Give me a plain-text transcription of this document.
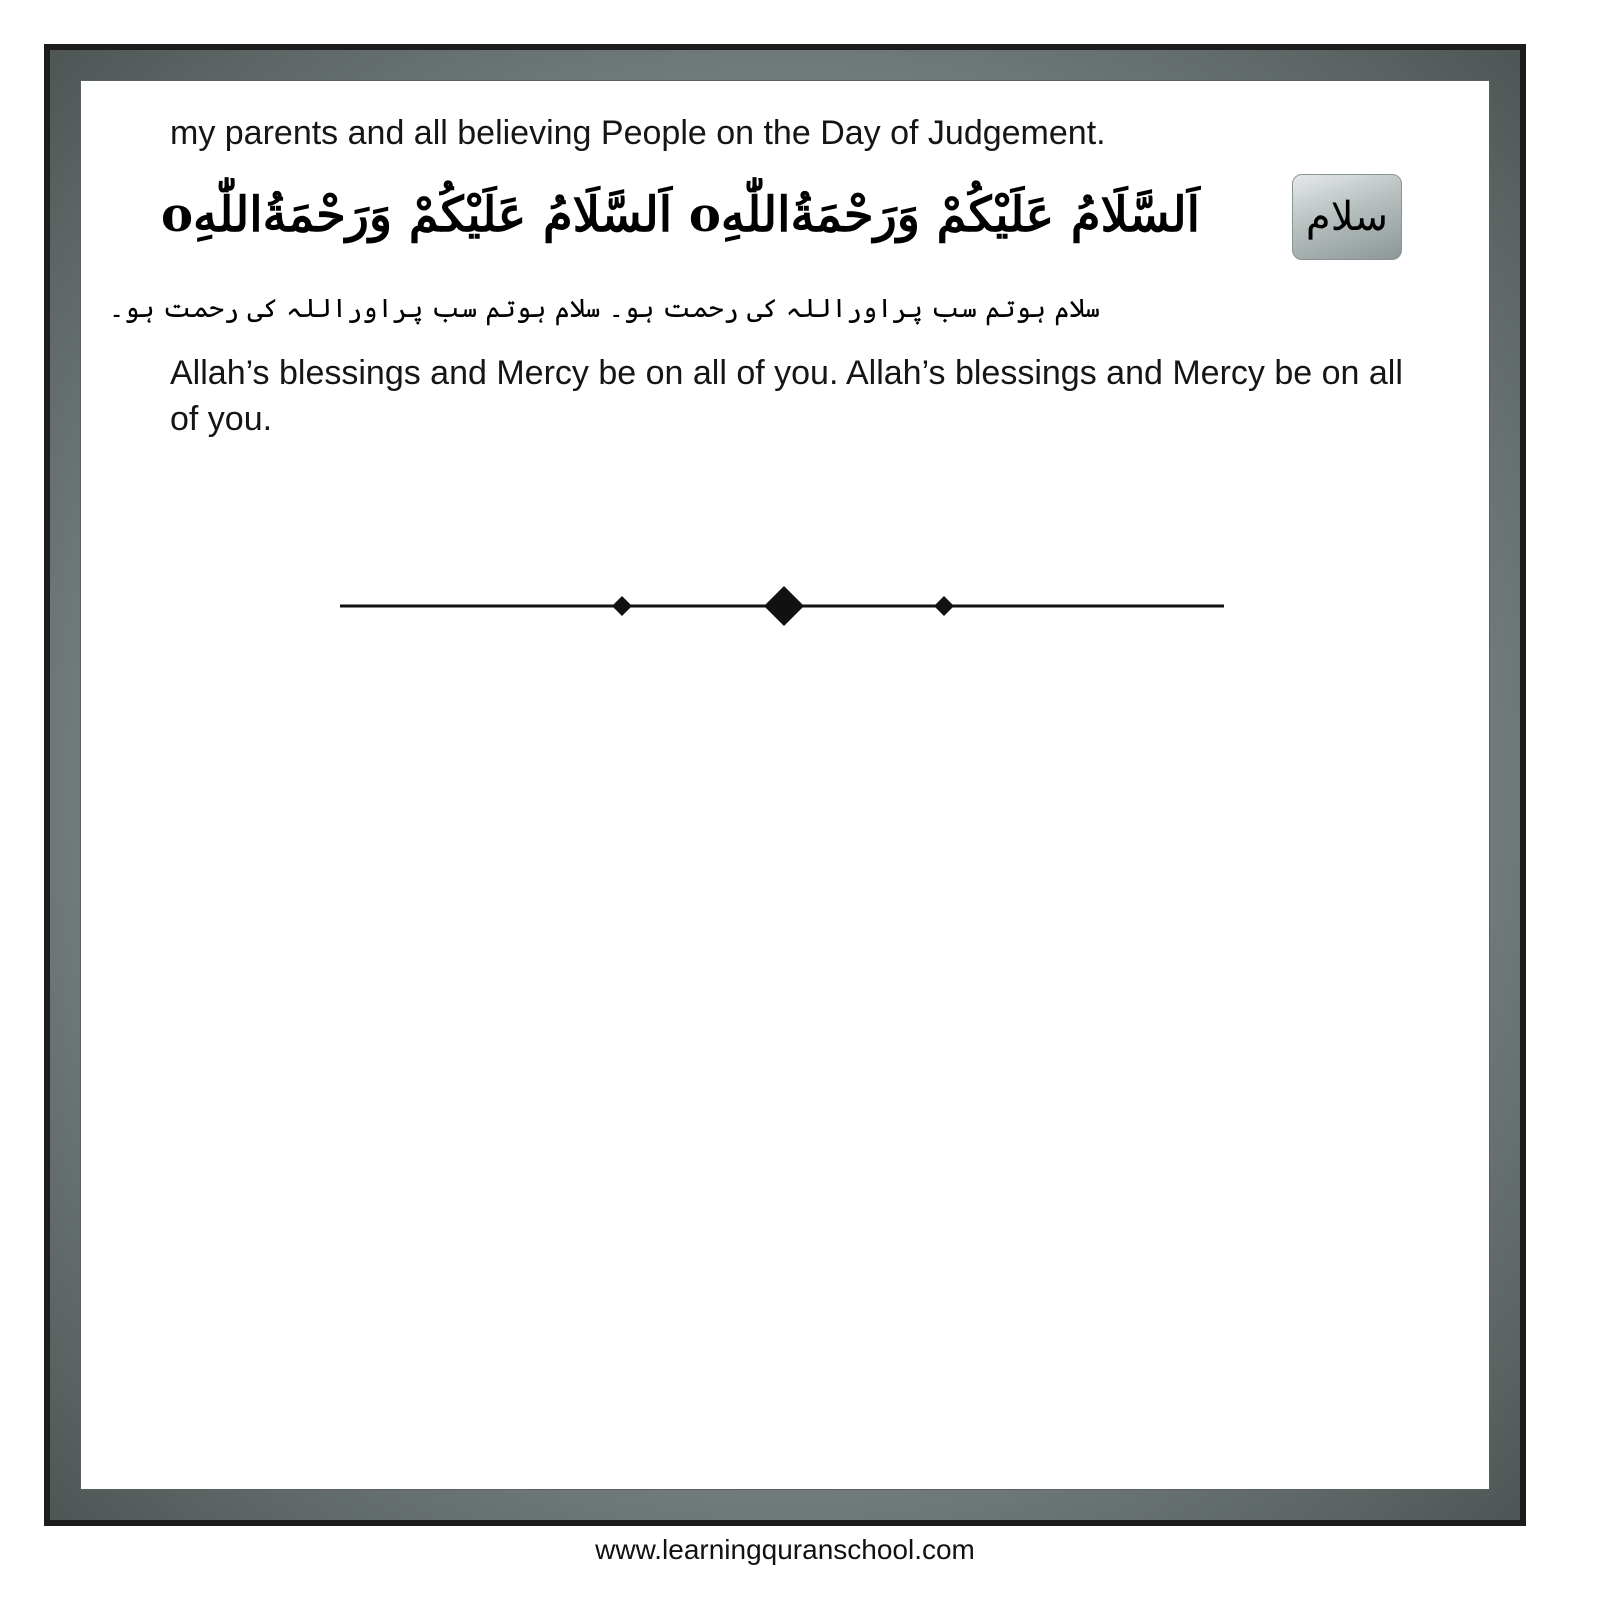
my parents and all believing People on the Day of Judgement.
سلام
اَلسَّلَامُ عَلَيْكُمْ وَرَحْمَةُاللّٰهِo اَلسَّلَامُ عَلَيْكُمْ وَرَحْمَةُاللّٰهِo
سلام ہوتم سب پراوراللہ کی رحمت ہو۔ سلام ہوتم سب پراوراللہ کی رحمت ہو۔
Allah’s blessings and Mercy be on all of you. Allah’s blessings and Mercy be on all of you.
www.learningquranschool.com
